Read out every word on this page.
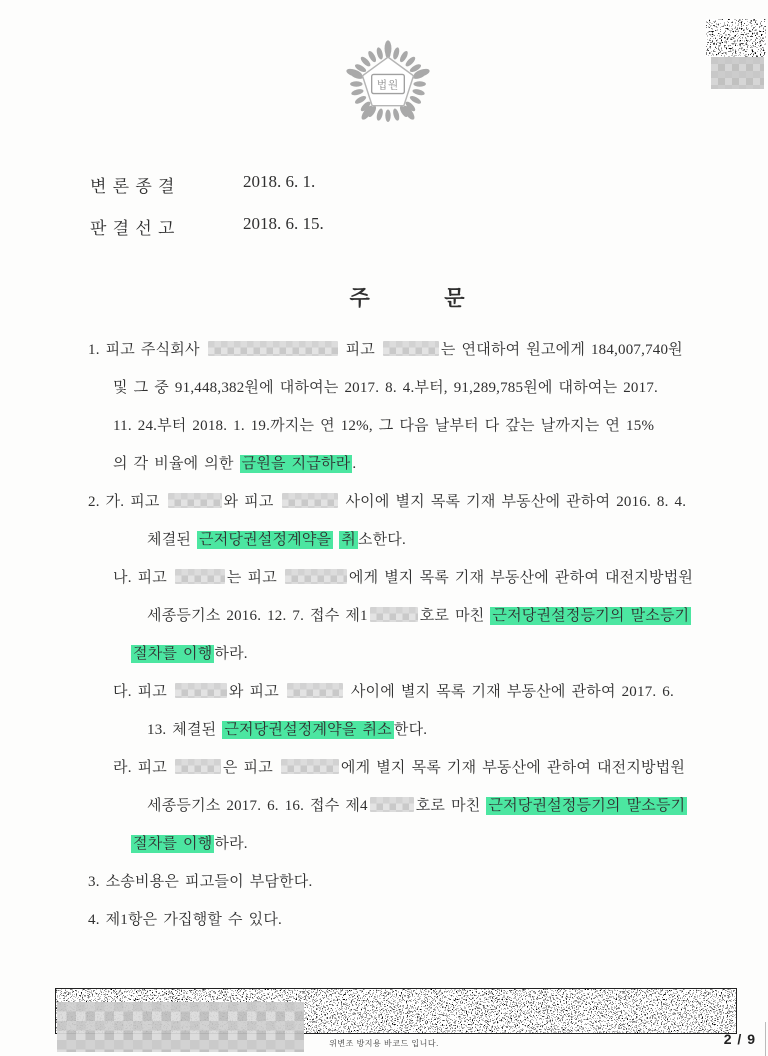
법원
변 론 종 결	2018. 6. 1.
판 결 선 고	2018. 6. 15.
주          문
1. 피고 주식회사	피고	는 연대하여 원고에게 184,007,740원
및 그 중 91,448,382원에 대하여는 2017. 8. 4.부터, 91,289,785원에 대하여는 2017.
11. 24.부터 2018. 1. 19.까지는 연 12%, 그 다음 날부터 다 갚는 날까지는 연 15%
의 각 비율에 의한 금원을 지급하라 .
2. 가. 피고	와 피고	사이에 별지 목록 기재 부동산에 관하여 2016. 8. 4.
체결된 근저당권설정계약을 취 소한다.
나. 피고	는 피고	에게 별지 목록 기재 부동산에 관하여 대전지방법원
세종등기소 2016. 12. 7. 접수 제1	호로 마친 근저당권설정등기의 말소등기
절차를 이행 하라.
다. 피고	와 피고	사이에 별지 목록 기재 부동산에 관하여 2017. 6.
13. 체결된 근저당권설정계약을 취소 한다.
라. 피고	은 피고	에게 별지 목록 기재 부동산에 관하여 대전지방법원
세종등기소 2017. 6. 16. 접수 제4	호로 마친 근저당권설정등기의 말소등기
절차를 이행 하라.
3. 소송비용은 피고들이 부담한다.
4. 제1항은 가집행할 수 있다.
위변조 방지용 바코드 입니다.	2 / 9
